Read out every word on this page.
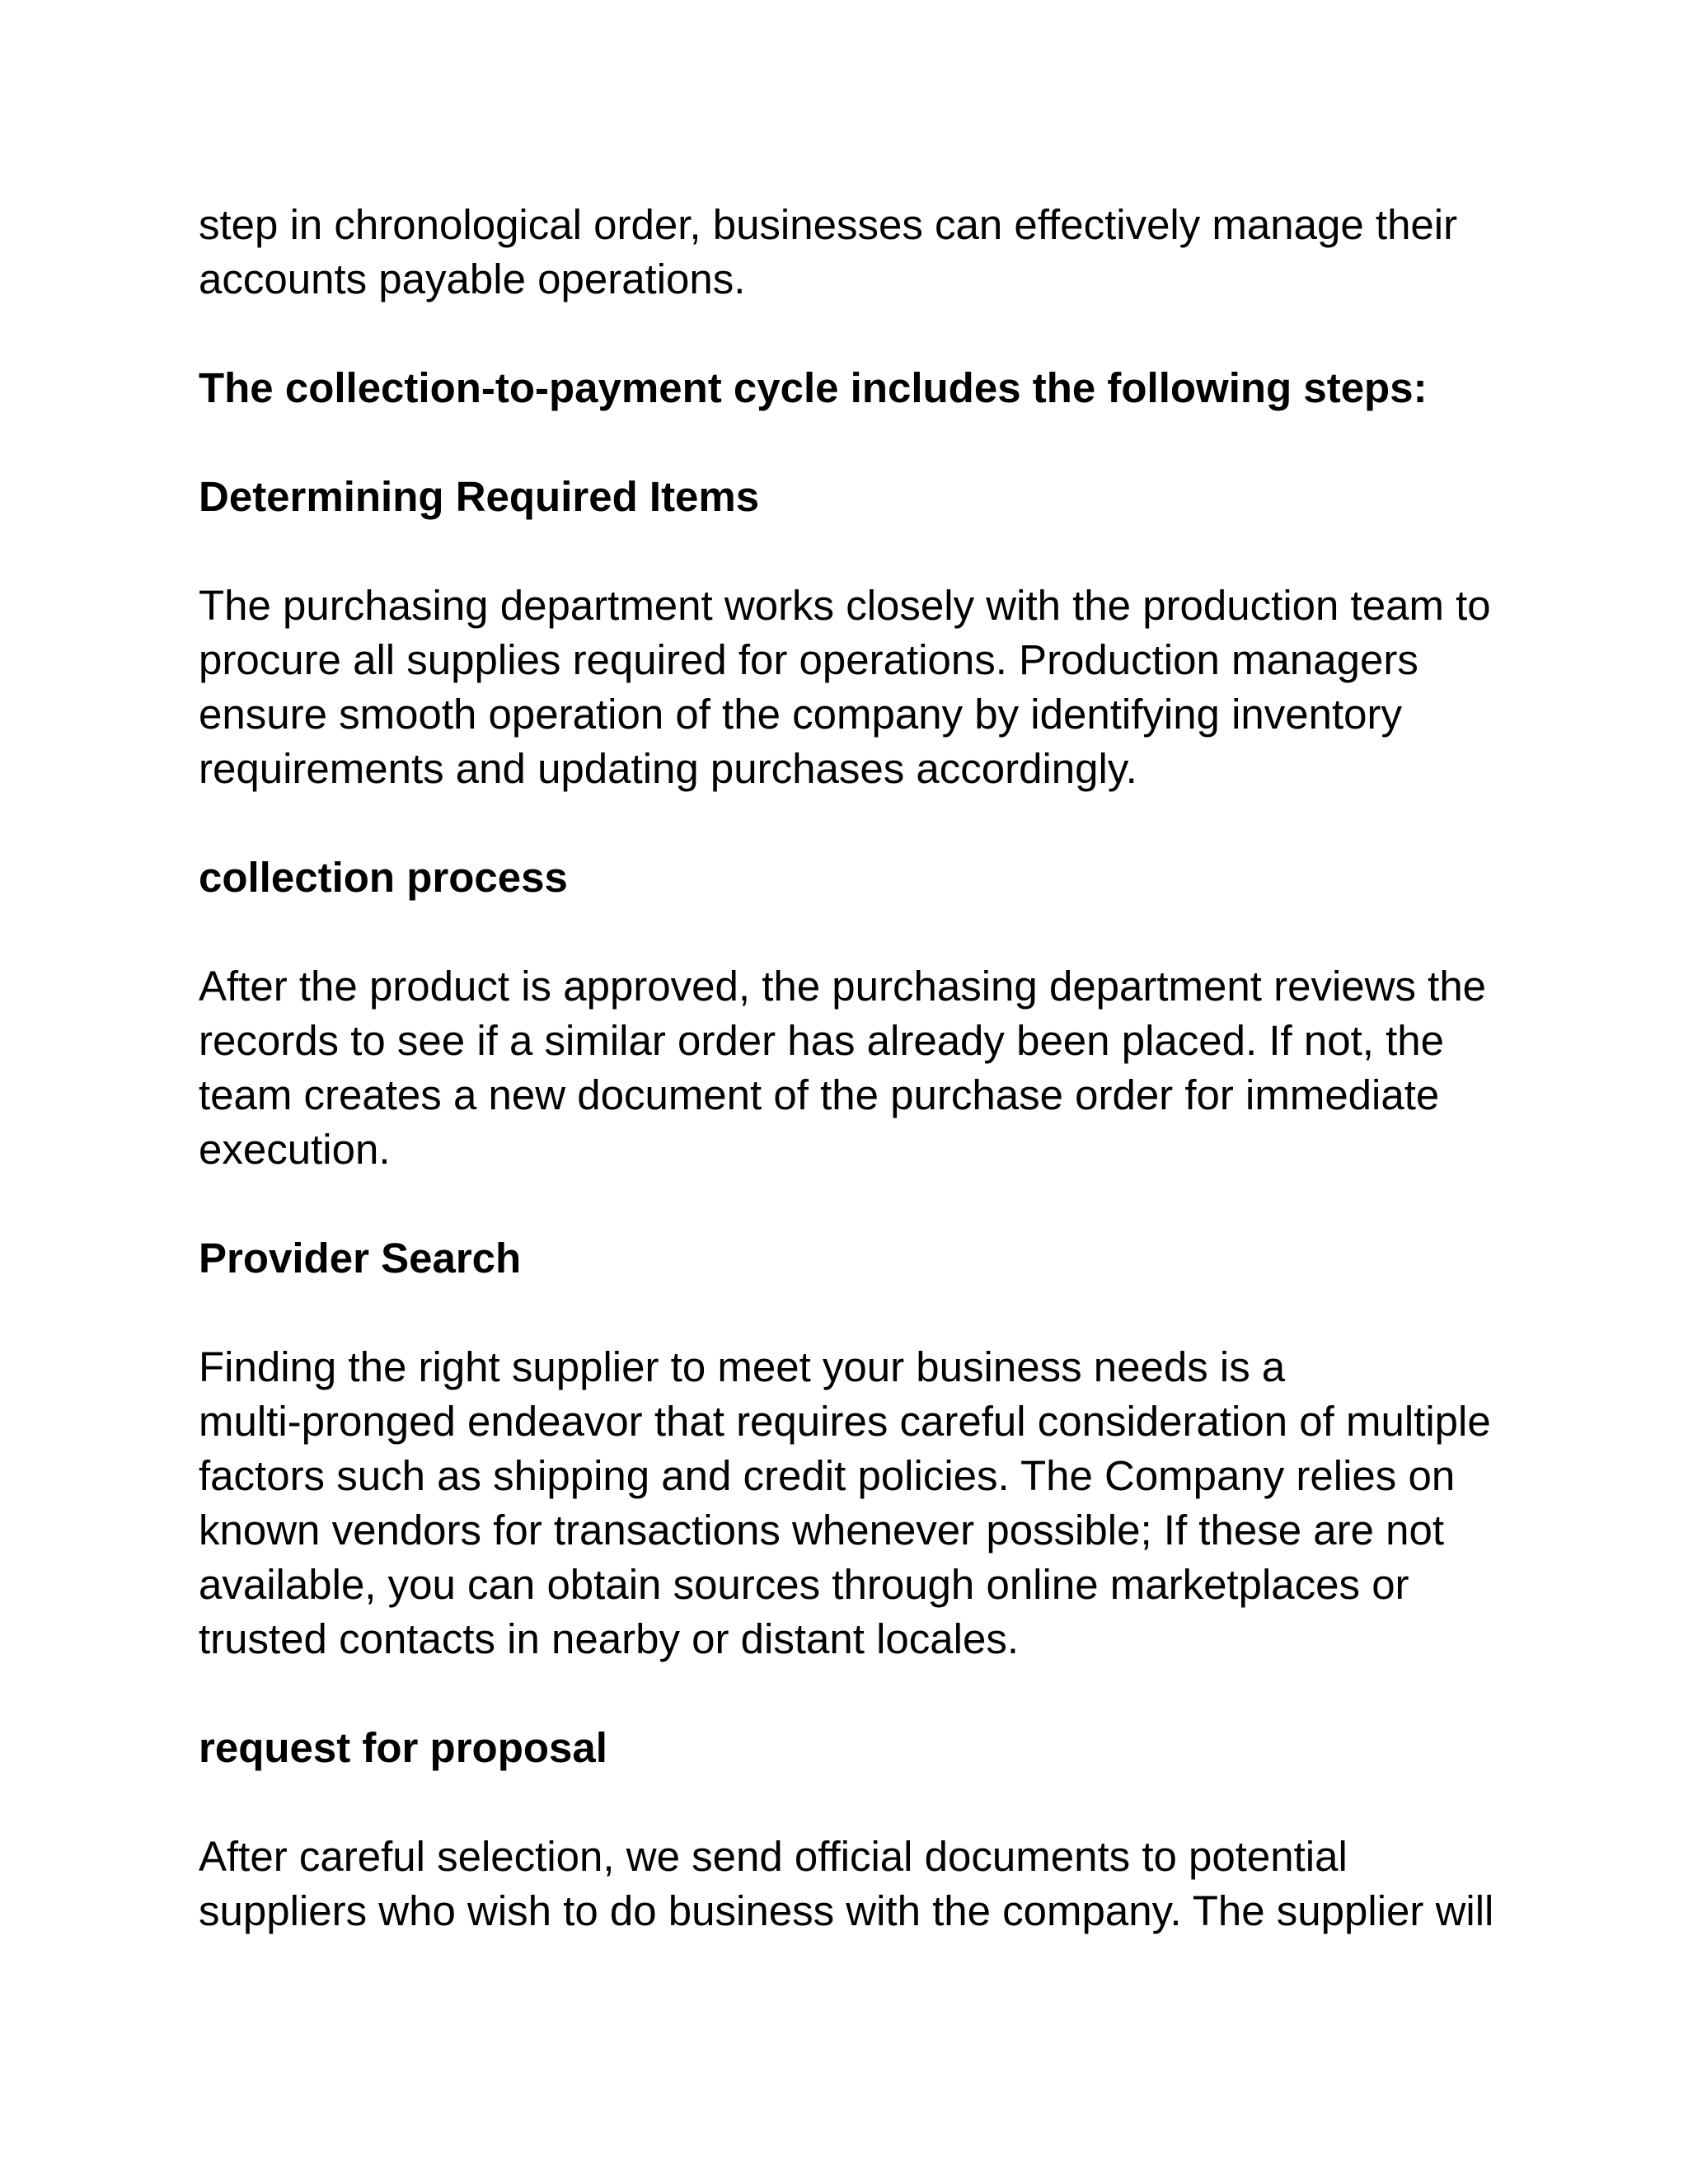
step in chronological order, businesses can effectively manage their
accounts payable operations.

The collection-to-payment cycle includes the following steps:

Determining Required Items

The purchasing department works closely with the production team to
procure all supplies required for operations. Production managers
ensure smooth operation of the company by identifying inventory
requirements and updating purchases accordingly.

collection process

After the product is approved, the purchasing department reviews the
records to see if a similar order has already been placed. If not, the
team creates a new document of the purchase order for immediate
execution.

Provider Search

Finding the right supplier to meet your business needs is a
multi-pronged endeavor that requires careful consideration of multiple
factors such as shipping and credit policies. The Company relies on
known vendors for transactions whenever possible; If these are not
available, you can obtain sources through online marketplaces or
trusted contacts in nearby or distant locales.

request for proposal

After careful selection, we send official documents to potential
suppliers who wish to do business with the company. The supplier will
